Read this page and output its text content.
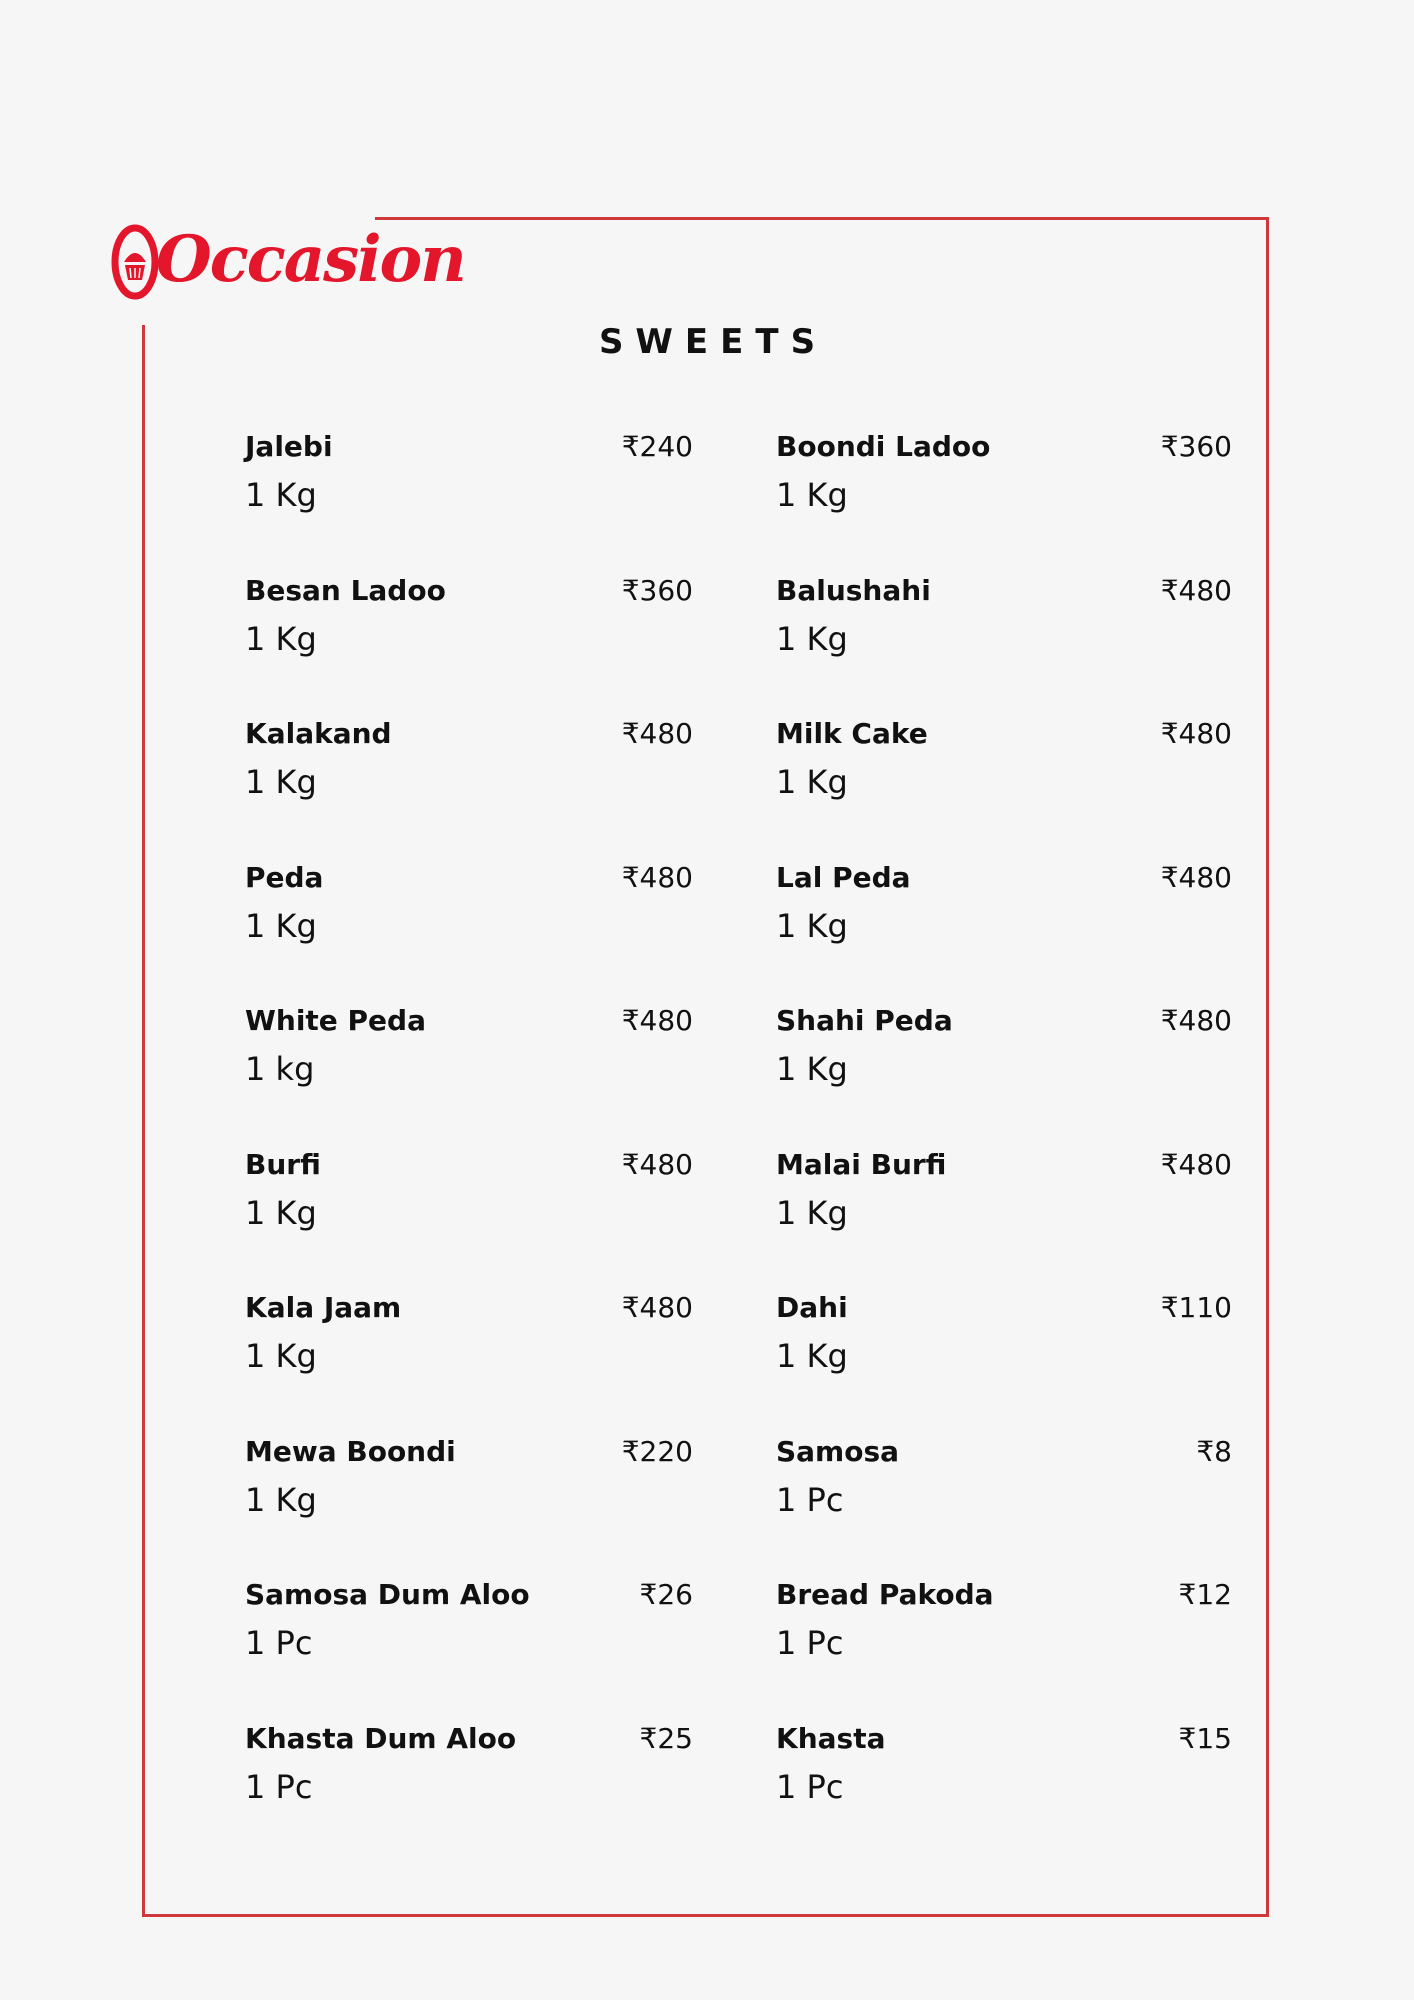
Occasion
SWEETS
Jalebi	₹240
1 Kg
Besan Ladoo	₹360
1 Kg
Kalakand	₹480
1 Kg
Peda	₹480
1 Kg
White Peda	₹480
1 kg
Burfi	₹480
1 Kg
Kala Jaam	₹480
1 Kg
Mewa Boondi	₹220
1 Kg
Samosa Dum Aloo	₹26
1 Pc
Khasta Dum Aloo	₹25
1 Pc
Boondi Ladoo	₹360
1 Kg
Balushahi	₹480
1 Kg
Milk Cake	₹480
1 Kg
Lal Peda	₹480
1 Kg
Shahi Peda	₹480
1 Kg
Malai Burfi	₹480
1 Kg
Dahi	₹110
1 Kg
Samosa	₹8
1 Pc
Bread Pakoda	₹12
1 Pc
Khasta	₹15
1 Pc
